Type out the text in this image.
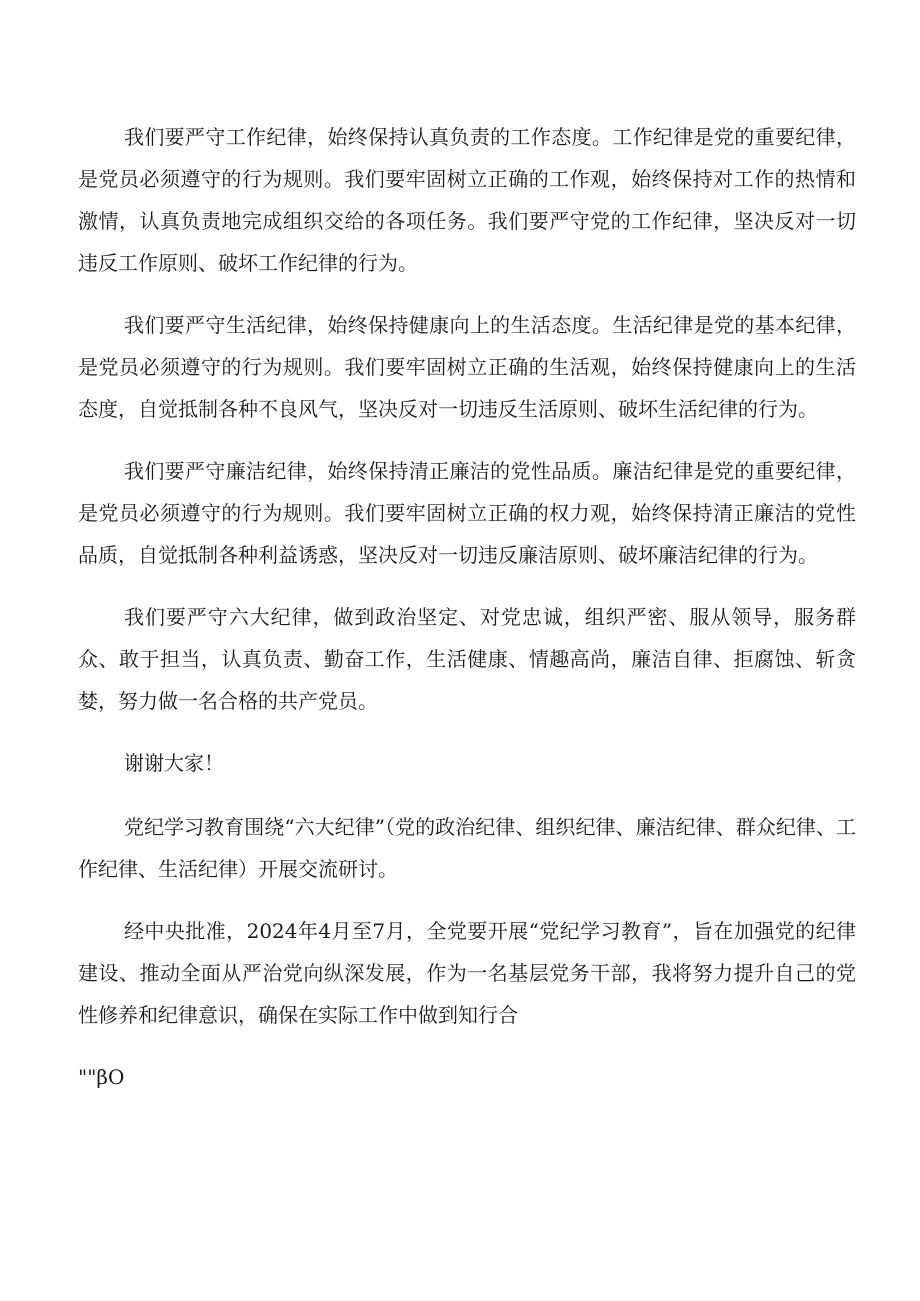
我们要严守工作纪律，始终保持认真负责的工作态度。工作纪律是党的重要纪律，是党员必须遵守的行为规则。我们要牢固树立正确的工作观，始终保持对工作的热情和激情，认真负责地完成组织交给的各项任务。我们要严守党的工作纪律，坚决反对一切违反工作原则、破坏工作纪律的行为。

我们要严守生活纪律，始终保持健康向上的生活态度。生活纪律是党的基本纪律，是党员必须遵守的行为规则。我们要牢固树立正确的生活观，始终保持健康向上的生活态度，自觉抵制各种不良风气，坚决反对一切违反生活原则、破坏生活纪律的行为。

我们要严守廉洁纪律，始终保持清正廉洁的党性品质。廉洁纪律是党的重要纪律，是党员必须遵守的行为规则。我们要牢固树立正确的权力观，始终保持清正廉洁的党性品质，自觉抵制各种利益诱惑，坚决反对一切违反廉洁原则、破坏廉洁纪律的行为。

我们要严守六大纪律，做到政治坚定、对党忠诚，组织严密、服从领导，服务群众、敢于担当，认真负责、勤奋工作，生活健康、情趣高尚，廉洁自律、拒腐蚀、斩贪婪，努力做一名合格的共产党员。

谢谢大家！

党纪学习教育围绕“六大纪律”（党的政治纪律、组织纪律、廉洁纪律、群众纪律、工作纪律、生活纪律）开展交流研讨。

经中央批准，2024年4月至7月，全党要开展“党纪学习教育”，旨在加强党的纪律建设、推动全面从严治党向纵深发展，作为一名基层党务干部，我将努力提升自己的党性修养和纪律意识，确保在实际工作中做到知行合

""βO
